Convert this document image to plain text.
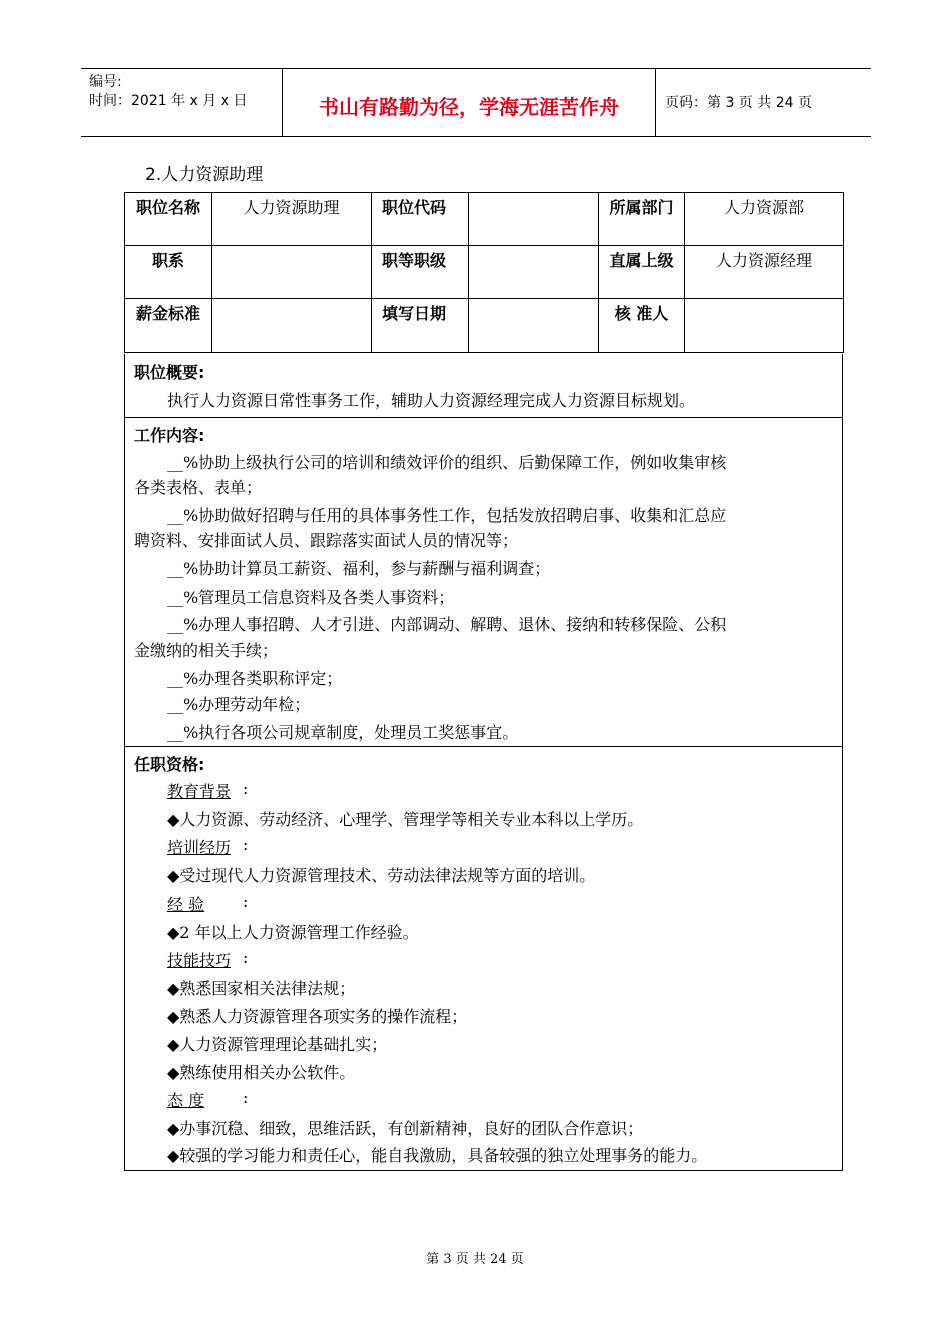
编号:
时间：2021 年 x 月 x 日	书山有路勤为径，学海无涯苦作舟	页码：第 3 页 共 24 页
2.人力资源助理
职位名称	人力资源助理	职位代码		所属部门	人力资源部
职系		职等职级		直属上级	人力资源经理
薪金标准		填写日期		核 准人	
职位概要:
执行人力资源日常性事务工作，辅助人力资源经理完成人力资源目标规划。
工作内容:
__%协助上级执行公司的培训和绩效评价的组织、后勤保障工作，例如收集审核
各类表格、表单；
__%协助做好招聘与任用的具体事务性工作，包括发放招聘启事、收集和汇总应
聘资料、安排面试人员、跟踪落实面试人员的情况等；
__%协助计算员工薪资、福利，参与薪酬与福利调查；
__%管理员工信息资料及各类人事资料；
__%办理人事招聘、人才引进、内部调动、解聘、退休、接纳和转移保险、公积
金缴纳的相关手续；
__%办理各类职称评定；
__%办理劳动年检；
__%执行各项公司规章制度，处理员工奖惩事宜。
任职资格:
教育背景 :
◆人力资源、劳动经济、心理学、管理学等相关专业本科以上学历。
培训经历 :
◆受过现代人力资源管理技术、劳动法律法规等方面的培训。
经 验 :
◆2 年以上人力资源管理工作经验。
技能技巧 :
◆熟悉国家相关法律法规；
◆熟悉人力资源管理各项实务的操作流程；
◆人力资源管理理论基础扎实；
◆熟练使用相关办公软件。
态 度 :
◆办事沉稳、细致，思维活跃，有创新精神，良好的团队合作意识；
◆较强的学习能力和责任心，能自我激励，具备较强的独立处理事务的能力。
第 3 页 共 24 页
